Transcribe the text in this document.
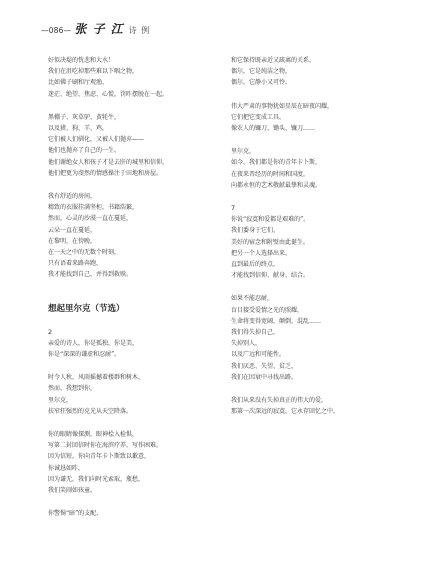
—086— 张 子 江 诗 例
好似决堤的恍悲和大水！
我们在沮吃掉那些难以下咽之物，
比如佛子刷和厅观渔，
迷茫、绝望、焦虑、心慌，罚昨摆脱在一起。
黑棚子、灰草驴、黄牦牛，
以及猪、狗、羊、鸡，
它们被人们驯化，又被人们抛弃——
他们也抛弃了自己的一生。
他们谢绝女人和孩子才是去肝的城里和信仰，
他们把更为虔然的情感操注于田地和房屋。
我有舒适的房间，
精致的衣服挂满坚柜，书籍浩繁，
然而，心灵的沙漠一直在蔓延，
云朵一直在蔓延，
在黎明，在傍晚，
在一天之中的无数个时刻，
只有语着来路奔跑，
我才能找到自己，并得到救赎。
想起里尔克（节选）
2
亲爱的诗人，你是孤独，你是美，
你是“深深的谦虚和忍耐”。
时令人秋，风雨摇撼着楼群和树木，
然而，我想到你，
里尔克，
扶窄狂强烈的克光从天空降落。
你的眼睛像探测，眼神桧入检惧，
写第二封回信时你在海滨疗养，写作困难。
因为信短，你向青年卡卜斯致以歉意，
你诚恳如昨，
因为谦无，我们向时光索取，瓶愁，
我们笑闹如孩童。
你警惕“暗”的支配，
和它保持既亲近又疏离的关系，
偶尔，它是纯洁之物，
偶尔，它静小又可怜。
伟大严肃的事物犹如星辰在暗夜闪耀，
它们把它变成工具，
像农人的镰刀、锄头、镰刀……
里尔克，
如今，我们都是你的青年卡卜斯，
在夜来晋经历的时间和国度，
向都永恒的艺术敬献最挚和灵魂。
7
你说“寂寞和爱都是艰难的”。
我们委身于它们，
美好的宿念和附壁由此诞生。
把另一个人选择出来，
直到最后的终点，
才能找到信仰、献身、结合。
如果不能忍耐，
盲目接受爱情之光的照耀，
生命将变得宽阔，颠倒，混乱……
我们得失掉自己，
失掉别人，
以及广远和可能性。
我们厌恶、失望、贫乏，
我们在因衰中寻找出路。
我们从来没有失掉真正的伟大的爱，
那第一次深远的寂寞，它永存回忆之中。
